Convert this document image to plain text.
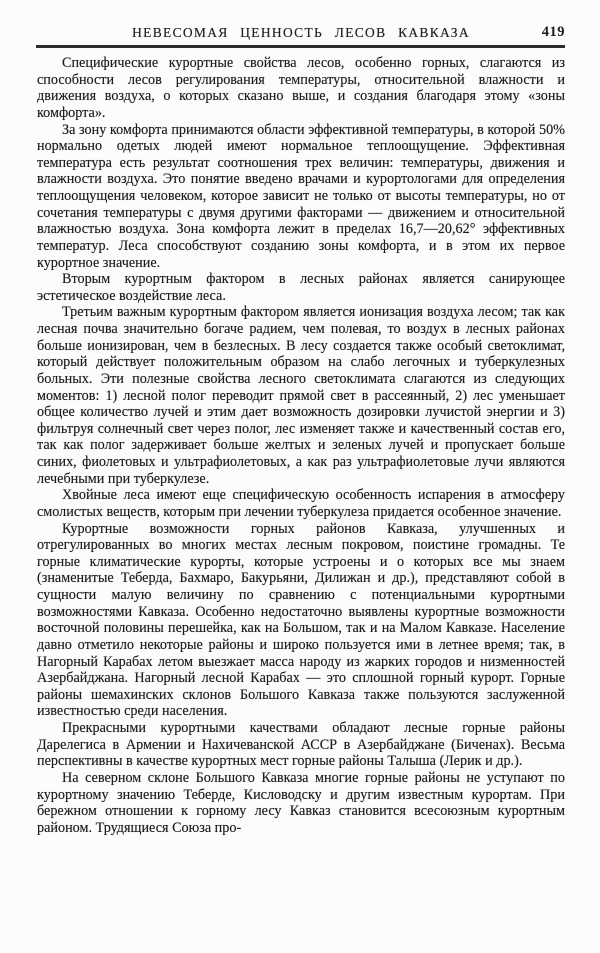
НЕВЕСОМАЯ ЦЕННОСТЬ ЛЕСОВ КАВКАЗА	419

Специфические курортные свойства лесов, особенно горных, слагаются из способности лесов регулирования температуры, относительной влажности и движения воздуха, о которых сказано выше, и создания благодаря этому «зоны комфорта».

За зону комфорта принимаются области эффективной температуры, в которой 50% нормально одетых людей имеют нормальное теплоощущение. Эффективная температура есть результат соотношения трех величин: температуры, движения и влажности воздуха. Это понятие введено врачами и курортологами для определения теплоощущения человеком, которое зависит не только от высоты температуры, но от сочетания температуры с двумя другими факторами — движением и относительной влажностью воздуха. Зона комфорта лежит в пределах 16,7—20,62° эффективных температур. Леса способствуют созданию зоны комфорта, и в этом их первое курортное значение.

Вторым курортным фактором в лесных районах является санирующее эстетическое воздействие леса.

Третьим важным курортным фактором является ионизация воздуха лесом; так как лесная почва значительно богаче радием, чем полевая, то воздух в лесных районах больше ионизирован, чем в безлесных. В лесу создается также особый светоклимат, который действует положительным образом на слабо легочных и туберкулезных больных. Эти полезные свойства лесного светоклимата слагаются из следующих моментов: 1) лесной полог переводит прямой свет в рассеянный, 2) лес уменьшает общее количество лучей и этим дает возможность дозировки лучистой энергии и 3) фильтруя солнечный свет через полог, лес изменяет также и качественный состав его, так как полог задерживает больше желтых и зеленых лучей и пропускает больше синих, фиолетовых и ультрафиолетовых, а как раз ультрафиолетовые лучи являются лечебными при туберкулезе.

Хвойные леса имеют еще специфическую особенность испарения в атмосферу смолистых веществ, которым при лечении туберкулеза придается особенное значение.

Курортные возможности горных районов Кавказа, улучшенных и отрегулированных во многих местах лесным покровом, поистине громадны. Те горные климатические курорты, которые устроены и о которых все мы знаем (знаменитые Теберда, Бахмаро, Бакурьяни, Дилижан и др.), представляют собой в сущности малую величину по сравнению с потенциальными курортными возможностями Кавказа. Особенно недостаточно выявлены курортные возможности восточной половины перешейка, как на Большом, так и на Малом Кавказе. Население давно отметило некоторые районы и широко пользуется ими в летнее время; так, в Нагорный Карабах летом выезжает масса народу из жарких городов и низменностей Азербайджана. Нагорный лесной Карабах — это сплошной горный курорт. Горные районы шемахинских склонов Большого Кавказа также пользуются заслуженной известностью среди населения.

Прекрасными курортными качествами обладают лесные горные районы Дарелегиса в Армении и Нахичеванской АССР в Азербайджане (Биченах). Весьма перспективны в качестве курортных мест горные районы Талыша (Лерик и др.).

На северном склоне Большого Кавказа многие горные районы не уступают по курортному значению Теберде, Кисловодску и другим известным курортам. При бережном отношении к горному лесу Кавказ становится всесоюзным курортным районом. Трудящиеся Союза про-
